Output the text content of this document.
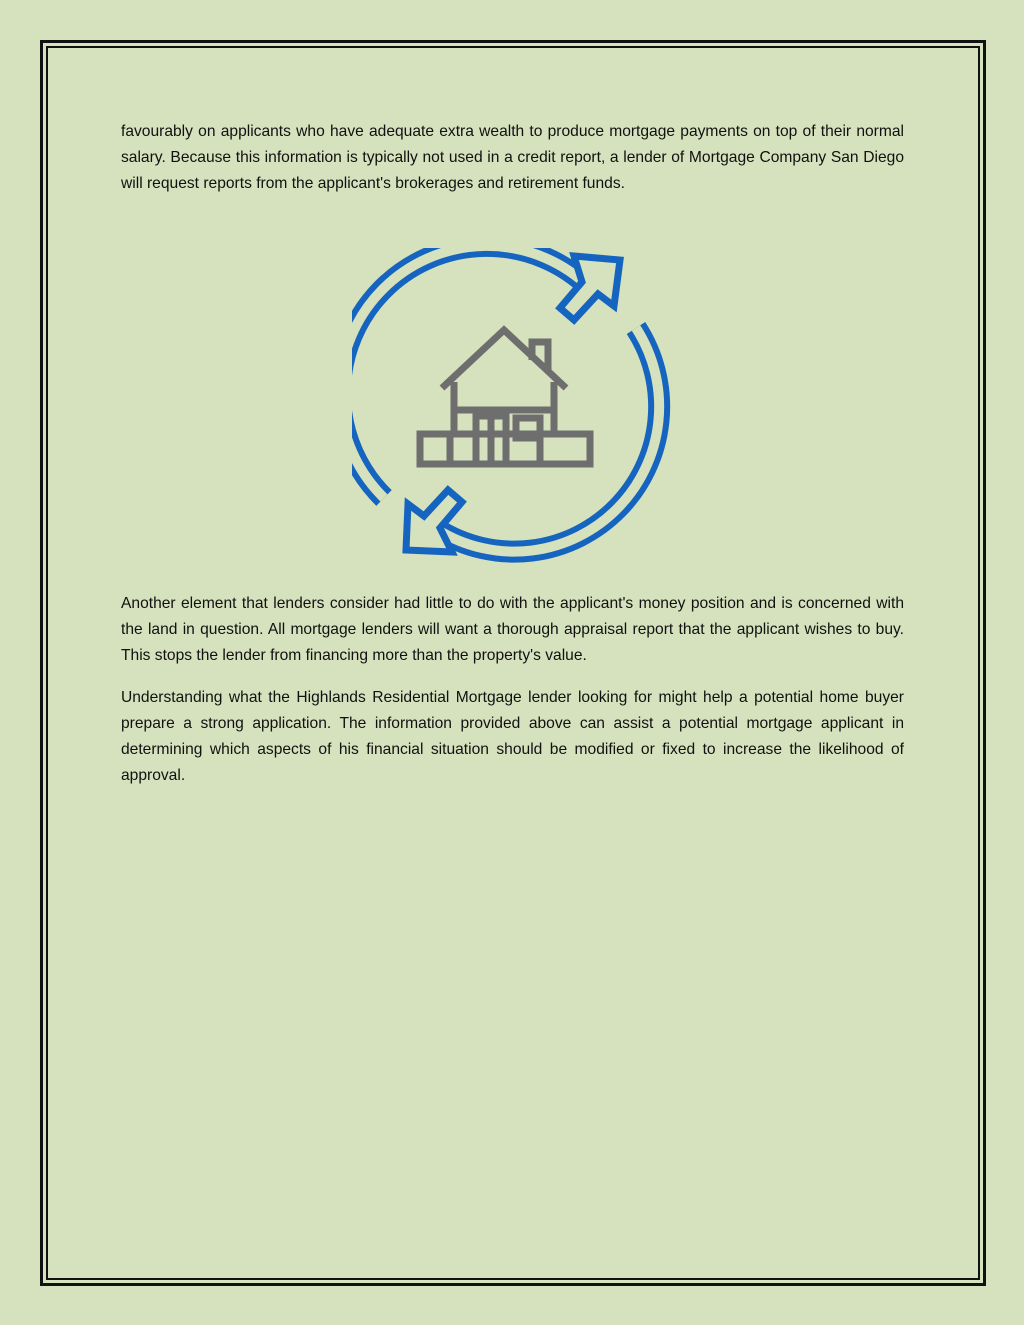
favourably on applicants who have adequate extra wealth to produce mortgage payments on top of their normal salary. Because this information is typically not used in a credit report, a lender of Mortgage Company San Diego will request reports from the applicant's brokerages and retirement funds.

Another element that lenders consider had little to do with the applicant's money position and is concerned with the land in question. All mortgage lenders will want a thorough appraisal report that the applicant wishes to buy. This stops the lender from financing more than the property's value.

Understanding what the Highlands Residential Mortgage lender looking for might help a potential home buyer prepare a strong application. The information provided above can assist a potential mortgage applicant in determining which aspects of his financial situation should be modified or fixed to increase the likelihood of approval.
